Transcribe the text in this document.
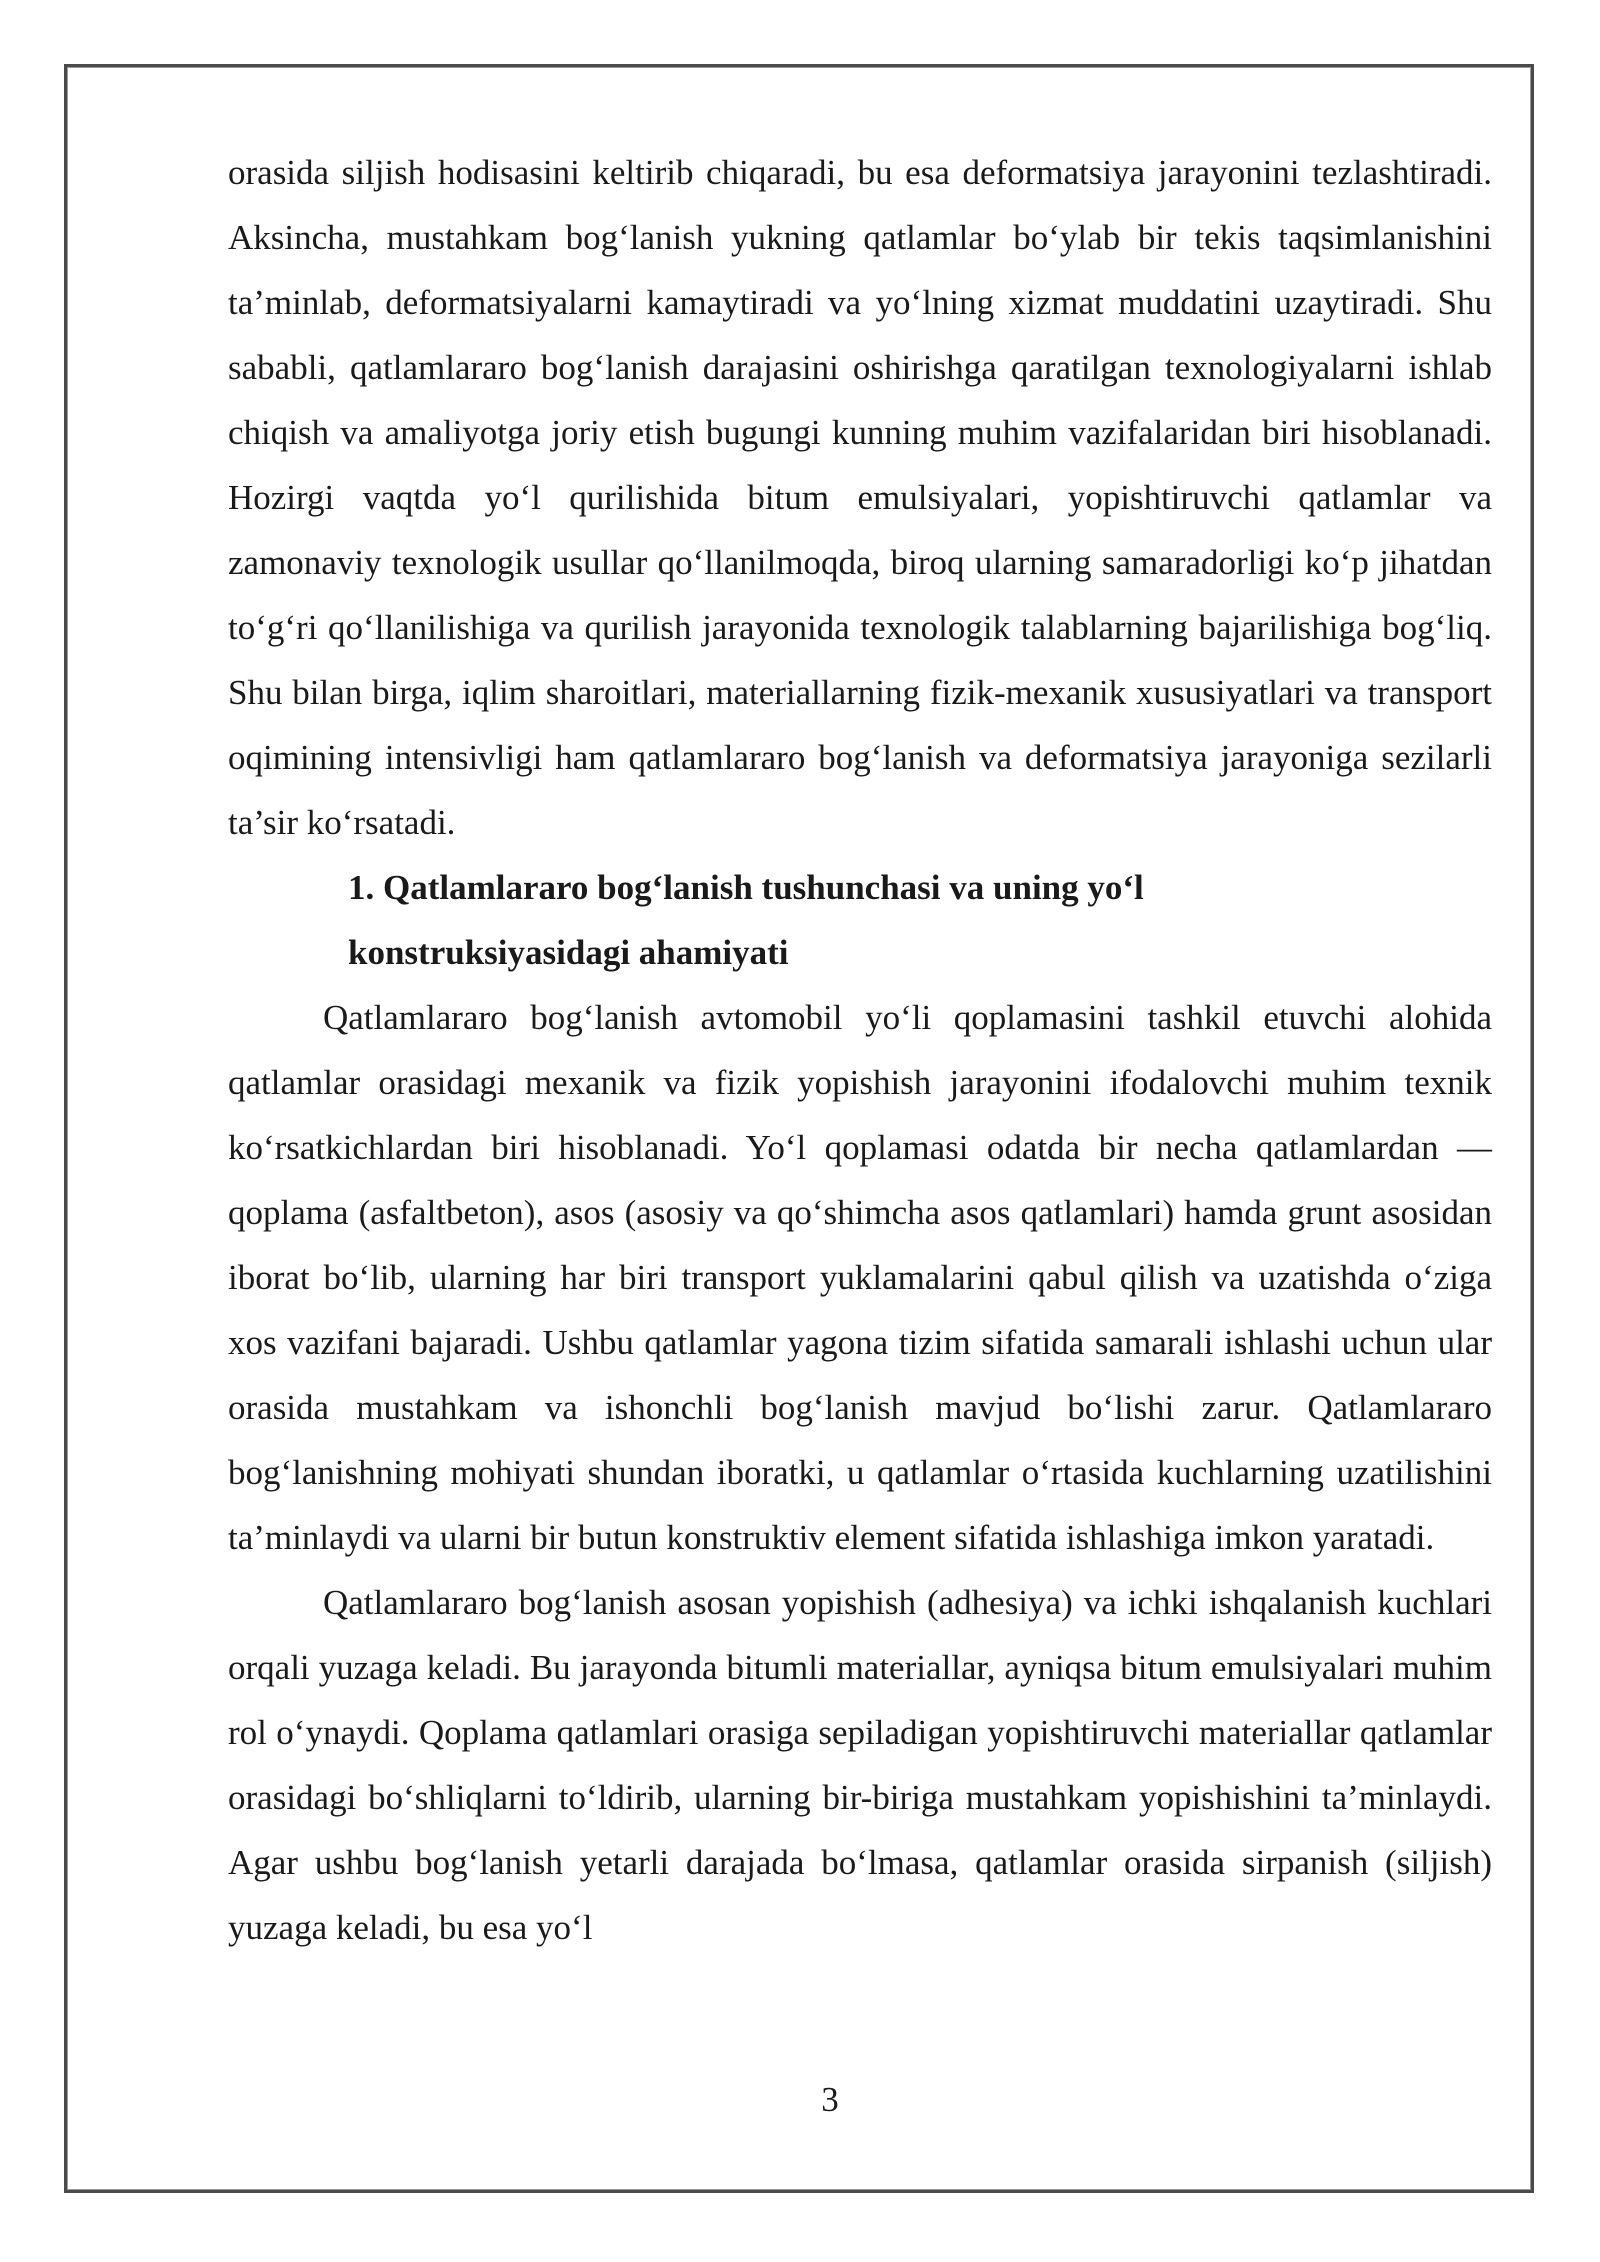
orasida siljish hodisasini keltirib chiqaradi, bu esa deformatsiya jarayonini tezlashtiradi. Aksincha, mustahkam bog‘lanish yukning qatlamlar bo‘ylab bir tekis taqsimlanishini ta’minlab, deformatsiyalarni kamaytiradi va yo‘lning xizmat muddatini uzaytiradi. Shu sababli, qatlamlararo bog‘lanish darajasini oshirishga qaratilgan texnologiyalarni ishlab chiqish va amaliyotga joriy etish bugungi kunning muhim vazifalaridan biri hisoblanadi. Hozirgi vaqtda yo‘l qurilishida bitum emulsiyalari, yopishtiruvchi qatlamlar va zamonaviy texnologik usullar qo‘llanilmoqda, biroq ularning samaradorligi ko‘p jihatdan to‘g‘ri qo‘llanilishiga va qurilish jarayonida texnologik talablarning bajarilishiga bog‘liq. Shu bilan birga, iqlim sharoitlari, materiallarning fizik-mexanik xususiyatlari va transport oqimining intensivligi ham qatlamlararo bog‘lanish va deformatsiya jarayoniga sezilarli ta’sir ko‘rsatadi.

1. Qatlamlararo bog‘lanish tushunchasi va uning yo‘l

konstruksiyasidagi ahamiyati

Qatlamlararo bog‘lanish avtomobil yo‘li qoplamasini tashkil etuvchi alohida qatlamlar orasidagi mexanik va fizik yopishish jarayonini ifodalovchi muhim texnik ko‘rsatkichlardan biri hisoblanadi. Yo‘l qoplamasi odatda bir necha qatlamlardan — qoplama (asfaltbeton), asos (asosiy va qo‘shimcha asos qatlamlari) hamda grunt asosidan iborat bo‘lib, ularning har biri transport yuklamalarini qabul qilish va uzatishda o‘ziga xos vazifani bajaradi. Ushbu qatlamlar yagona tizim sifatida samarali ishlashi uchun ular orasida mustahkam va ishonchli bog‘lanish mavjud bo‘lishi zarur. Qatlamlararo bog‘lanishning mohiyati shundan iboratki, u qatlamlar o‘rtasida kuchlarning uzatilishini ta’minlaydi va ularni bir butun konstruktiv element sifatida ishlashiga imkon yaratadi.

Qatlamlararo bog‘lanish asosan yopishish (adhesiya) va ichki ishqalanish kuchlari orqali yuzaga keladi. Bu jarayonda bitumli materiallar, ayniqsa bitum emulsiyalari muhim rol o‘ynaydi. Qoplama qatlamlari orasiga sepiladigan yopishtiruvchi materiallar qatlamlar orasidagi bo‘shliqlarni to‘ldirib, ularning bir-biriga mustahkam yopishishini ta’minlaydi. Agar ushbu bog‘lanish yetarli darajada bo‘lmasa, qatlamlar orasida sirpanish (siljish) yuzaga keladi, bu esa yo‘l

3
